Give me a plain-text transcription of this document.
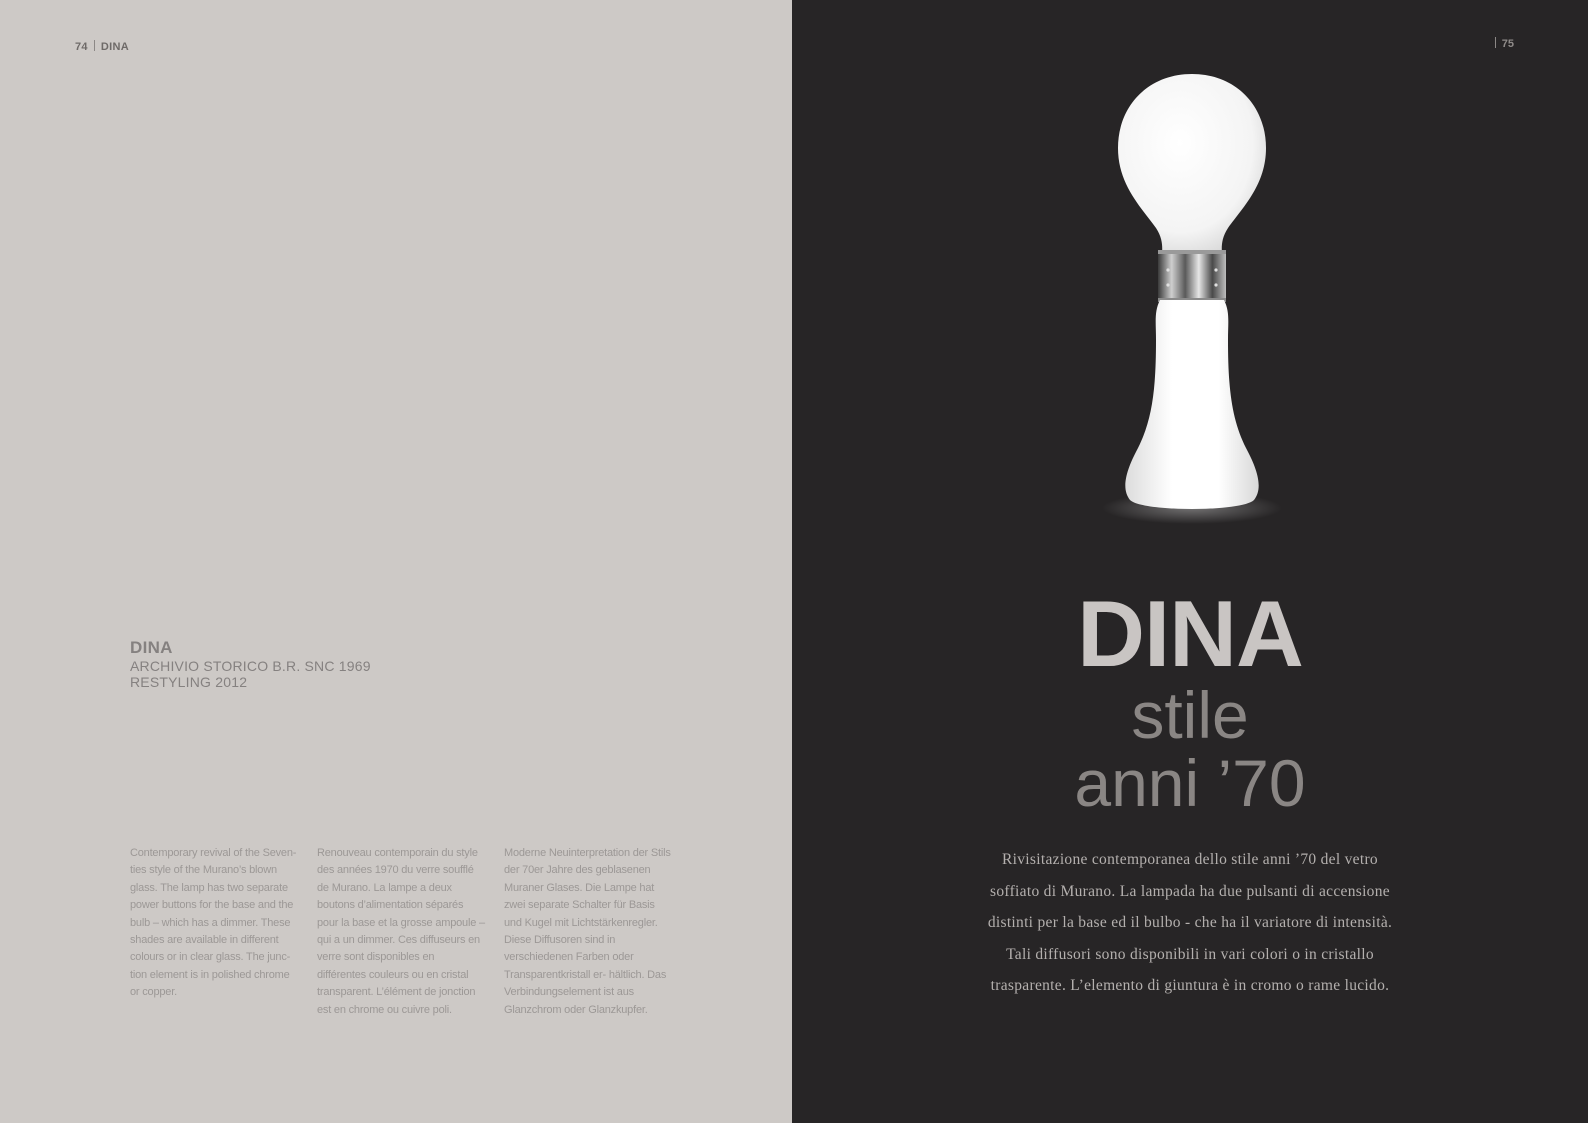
74 DINA
DINA
ARCHIVIO STORICO B.R. SNC 1969
RESTYLING 2012
Contemporary revival of the Seven- ties style of the Murano’s blown glass. The lamp has two separate power buttons for the base and the bulb – which has a dimmer. These shades are available in different colours or in clear glass. The junc- tion element is in polished chrome or copper.
Renouveau contemporain du style des années 1970 du verre soufflé de Murano. La lampe a deux boutons d’alimentation séparés pour la base et la grosse ampoule – qui a un dimmer. Ces diffuseurs en verre sont disponibles en différentes couleurs ou en cristal transparent. L’élément de jonction est en chrome ou cuivre poli.
Moderne Neuinterpretation der Stils der 70er Jahre des geblasenen Muraner Glases. Die Lampe hat zwei separate Schalter für Basis und Kugel mit Lichtstärkenregler. Diese Diffusoren sind in verschiedenen Farben oder Transparentkristall er- hältlich. Das Verbindungselement ist aus Glanzchrom oder Glanzkupfer.
75
DINA
stile
anni ’70
Rivisitazione contemporanea dello stile anni ’70 del vetro soffiato di Murano. La lampada ha due pulsanti di accensione distinti per la base ed il bulbo - che ha il variatore di intensità. Tali diffusori sono disponibili in vari colori o in cristallo trasparente. L’elemento di giuntura è in cromo o rame lucido.
